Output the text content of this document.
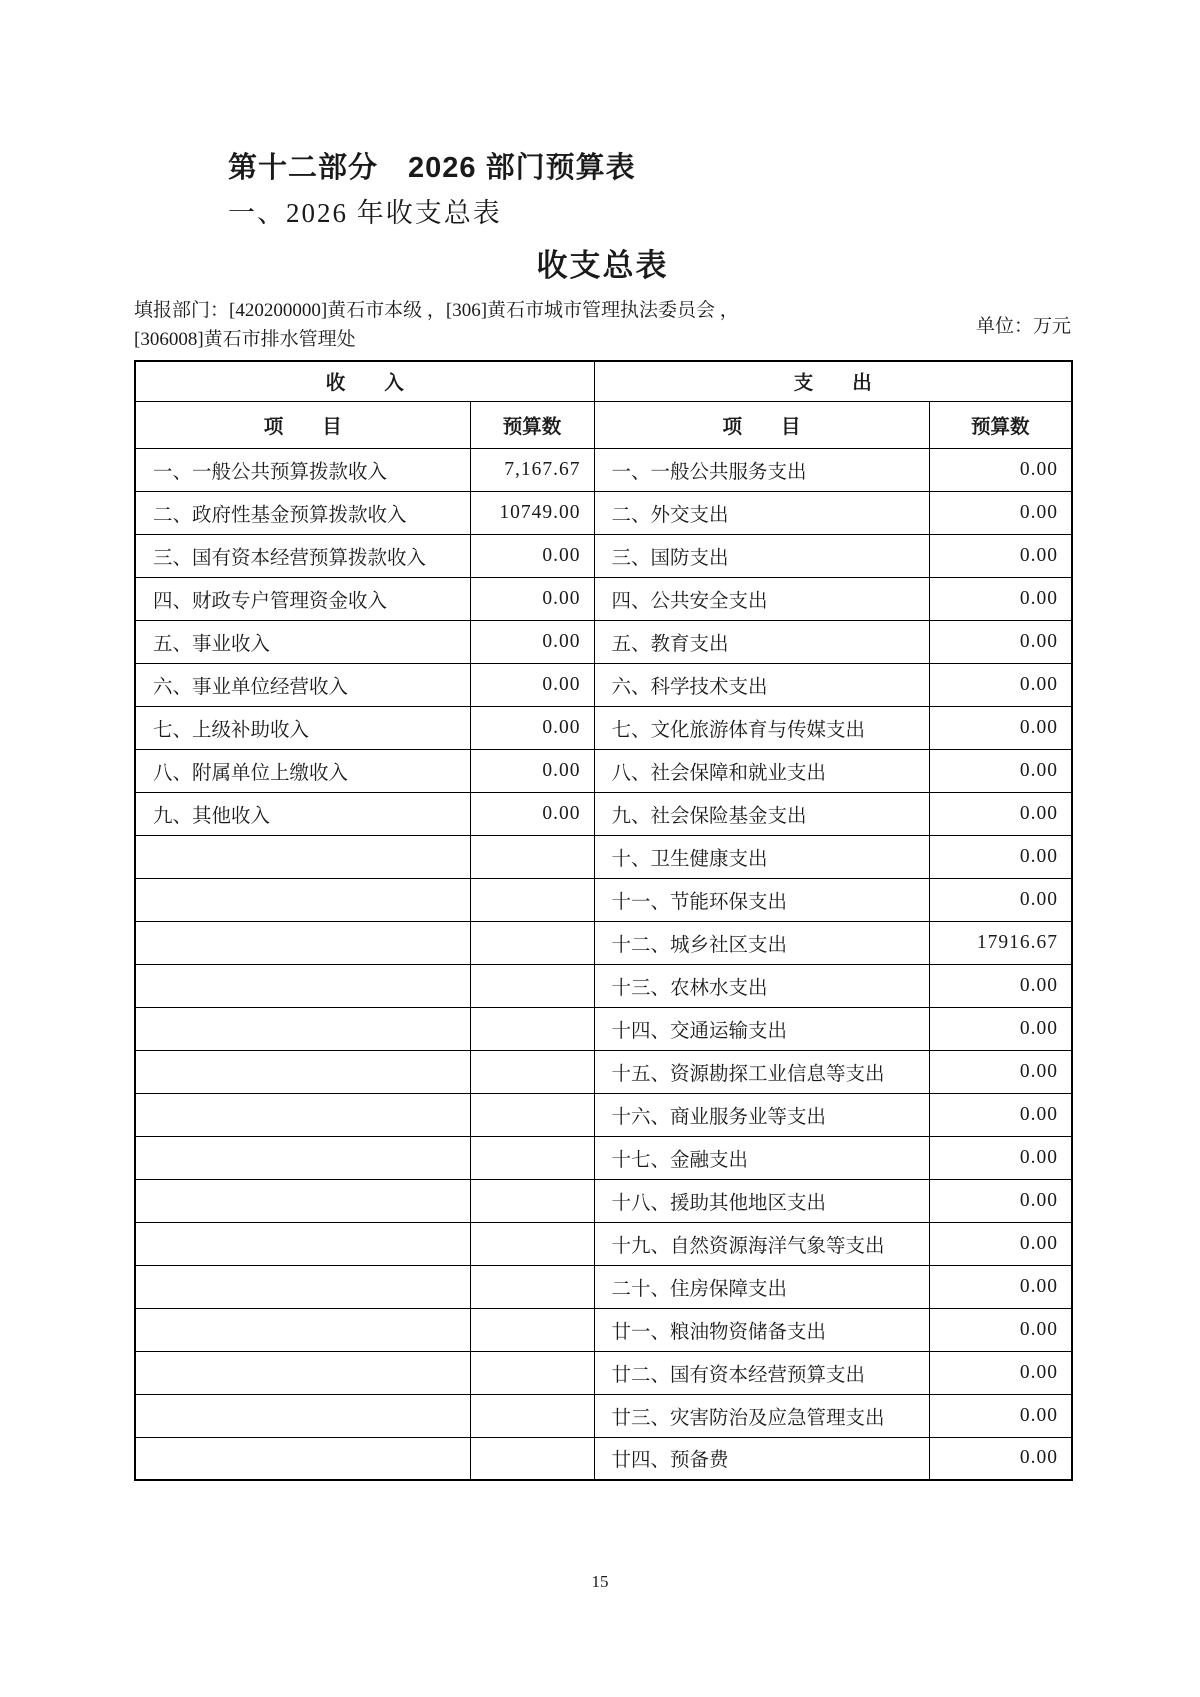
第十二部分　2026 部门预算表
一、2026 年收支总表
收支总表
填报部门：[420200000]黄石市本级 ，[306]黄石市城市管理执法委员会 ，
[306008]黄石市排水管理处
单位：万元
收　　入		支　　出	
项　　目	预算数	项　　目	预算数
一、一般公共预算拨款收入	7,167.67	一、一般公共服务支出	0.00
二、政府性基金预算拨款收入	10749.00	二、外交支出	0.00
三、国有资本经营预算拨款收入	0.00	三、国防支出	0.00
四、财政专户管理资金收入	0.00	四、公共安全支出	0.00
五、事业收入	0.00	五、教育支出	0.00
六、事业单位经营收入	0.00	六、科学技术支出	0.00
七、上级补助收入	0.00	七、文化旅游体育与传媒支出	0.00
八、附属单位上缴收入	0.00	八、社会保障和就业支出	0.00
九、其他收入	0.00	九、社会保险基金支出	0.00
		十、卫生健康支出	0.00
		十一、节能环保支出	0.00
		十二、城乡社区支出	17916.67
		十三、农林水支出	0.00
		十四、交通运输支出	0.00
		十五、资源勘探工业信息等支出	0.00
		十六、商业服务业等支出	0.00
		十七、金融支出	0.00
		十八、援助其他地区支出	0.00
		十九、自然资源海洋气象等支出	0.00
		二十、住房保障支出	0.00
		廿一、粮油物资储备支出	0.00
		廿二、国有资本经营预算支出	0.00
		廿三、灾害防治及应急管理支出	0.00
		廿四、预备费	0.00
15
